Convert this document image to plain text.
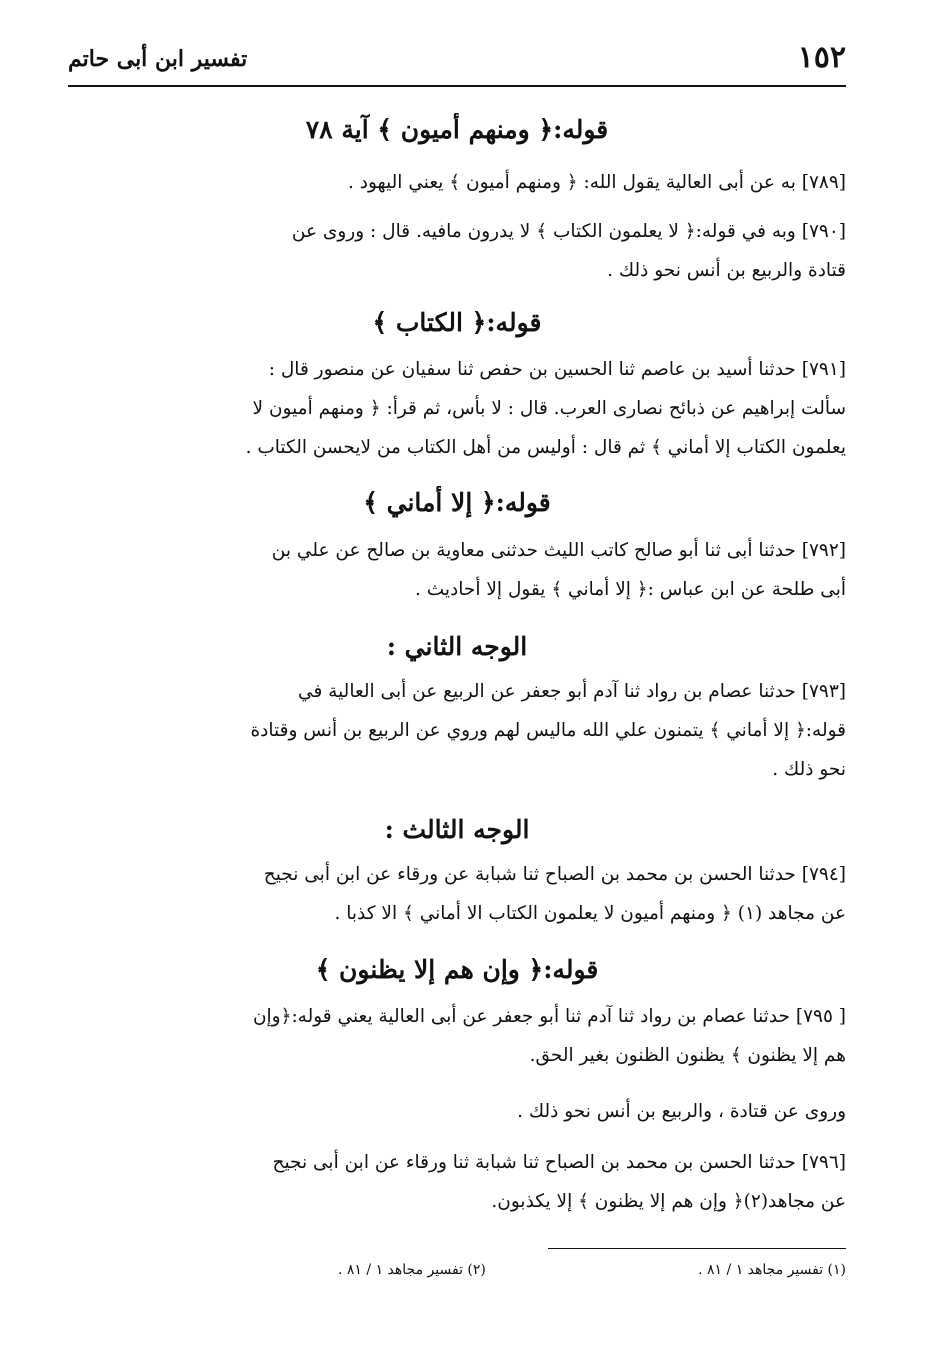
تفسير ابن أبى حاتم	١٥٢
قوله:﴿ ومنهم أميون ﴾ آية ٧٨
[٧٨٩] به عن أبى العالية يقول الله: ﴿ ومنهم أميون ﴾ يعني اليهود .
[٧٩٠] وبه في قوله:﴿ لا يعلمون الكتاب ﴾ لا يدرون مافيه. قال : وروى عن
قتادة والربيع بن أنس نحو ذلك .
قوله:﴿ الكتاب ﴾
[٧٩١] حدثنا أسيد بن عاصم ثنا الحسين بن حفص ثنا سفيان عن منصور قال :
سألت إبراهيم عن ذبائح نصارى العرب. قال : لا بأس، ثم قرأ: ﴿ ومنهم أميون لا
يعلمون الكتاب إلا أماني ﴾ ثم قال : أوليس من أهل الكتاب من لايحسن الكتاب .
قوله:﴿ إلا أماني ﴾
[٧٩٢] حدثنا أبى ثنا أبو صالح كاتب الليث حدثنى معاوية بن صالح عن علي بن
أبى طلحة عن ابن عباس :﴿ إلا أماني ﴾ يقول إلا أحاديث .
الوجه الثاني :
[٧٩٣] حدثنا عصام بن رواد ثنا آدم أبو جعفر عن الربيع عن أبى العالية في
قوله:﴿ إلا أماني ﴾ يتمنون علي الله ماليس لهم وروي عن الربيع بن أنس وقتادة
نحو ذلك .
الوجه الثالث :
[٧٩٤] حدثنا الحسن بن محمد بن الصباح ثنا شبابة عن ورقاء عن ابن أبى نجيح
عن مجاهد (١) ﴿ ومنهم أميون لا يعلمون الكتاب الا أماني ﴾ الا كذبا .
قوله:﴿ وإن هم إلا يظنون ﴾
[ ٧٩٥] حدثنا عصام بن رواد ثنا آدم ثنا أبو جعفر عن أبى العالية يعني قوله:﴿وإن
هم إلا يظنون ﴾ يظنون الظنون بغير الحق.
وروى عن قتادة ، والربيع بن أنس نحو ذلك .
[٧٩٦] حدثنا الحسن بن محمد بن الصباح ثنا شبابة ثنا ورقاء عن ابن أبى نجيح
عن مجاهد(٢)﴿ وإن هم إلا يظنون ﴾ إلا يكذبون.
(١) تفسير مجاهد ١ / ٨١ .
(٢) تفسير مجاهد ١ / ٨١ .
